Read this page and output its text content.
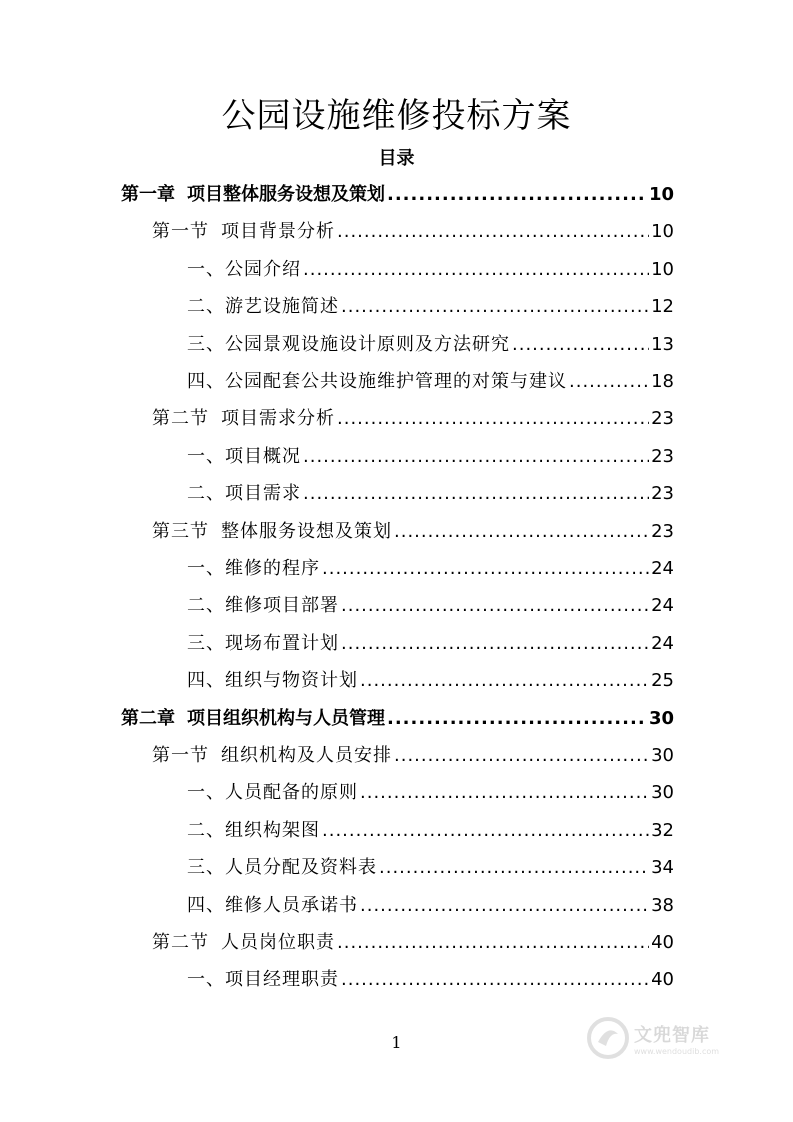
公园设施维修投标方案
目录
第一章 项目整体服务设想及策划 .....	10
第一节 项目背景分析 .....	10
一、 公园介绍 .....	10
二、 游艺设施简述 .....	12
三、 公园景观设施设计原则及方法研究 .....	13
四、 公园配套公共设施维护管理的对策与建议 .....	18
第二节 项目需求分析 .....	23
一、 项目概况 .....	23
二、 项目需求 .....	23
第三节 整体服务设想及策划 .....	23
一、 维修的程序 .....	24
二、 维修项目部署 .....	24
三、 现场布置计划 .....	24
四、 组织与物资计划 .....	25
第二章 项目组织机构与人员管理 .....	30
第一节 组织机构及人员安排 .....	30
一、 人员配备的原则 .....	30
二、 组织构架图 .....	32
三、 人员分配及资料表 .....	34
四、 维修人员承诺书 .....	38
第二节 人员岗位职责 .....	40
一、 项目经理职责 .....	40
1	文兜智库
www.wendoudib.com
